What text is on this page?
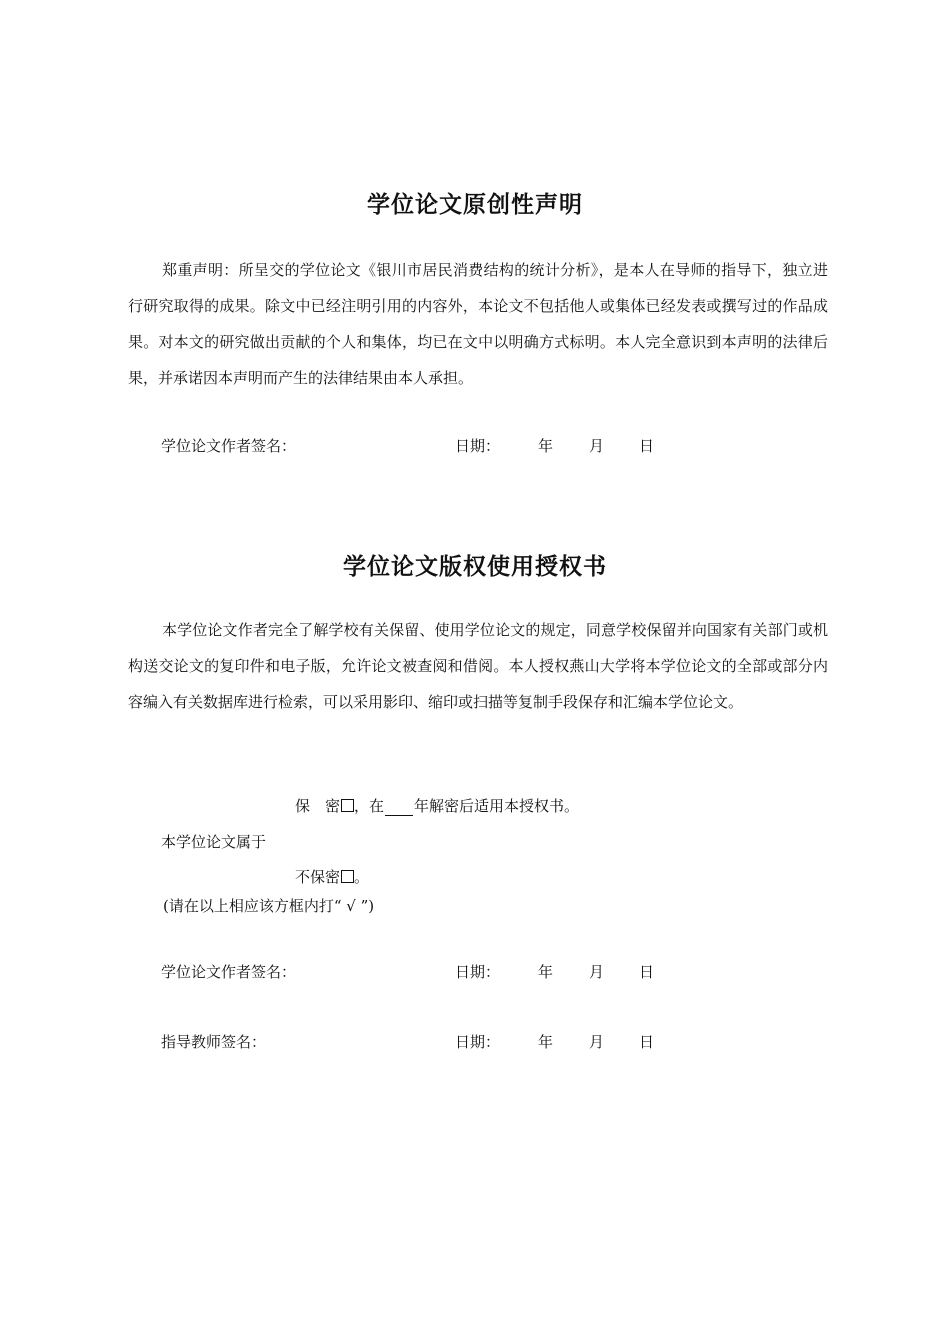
学位论文原创性声明
郑重声明：所呈交的学位论文《银川市居民消费结构的统计分析》，是本人在导师的指导下，独立进行研究取得的成果。除文中已经注明引用的内容外，本论文不包括他人或集体已经发表或撰写过的作品成果。对本文的研究做出贡献的个人和集体，均已在文中以明确方式标明。本人完全意识到本声明的法律后果，并承诺因本声明而产生的法律结果由本人承担。
学位论文作者签名：	日期：	年 月 日
学位论文版权使用授权书
本学位论文作者完全了解学校有关保留、使用学位论文的规定，同意学校保留并向国家有关部门或机构送交论文的复印件和电子版，允许论文被查阅和借阅。本人授权燕山大学将本学位论文的全部或部分内容编入有关数据库进行检索，可以采用影印、缩印或扫描等复制手段保存和汇编本学位论文。
保　密 ，在 年解密后适用本授权书。
本学位论文属于
不保密 。
(请在以上相应该方框内打“ √ ”)
学位论文作者签名：	日期：	年 月 日
指导教师签名：	日期：	年 月 日
